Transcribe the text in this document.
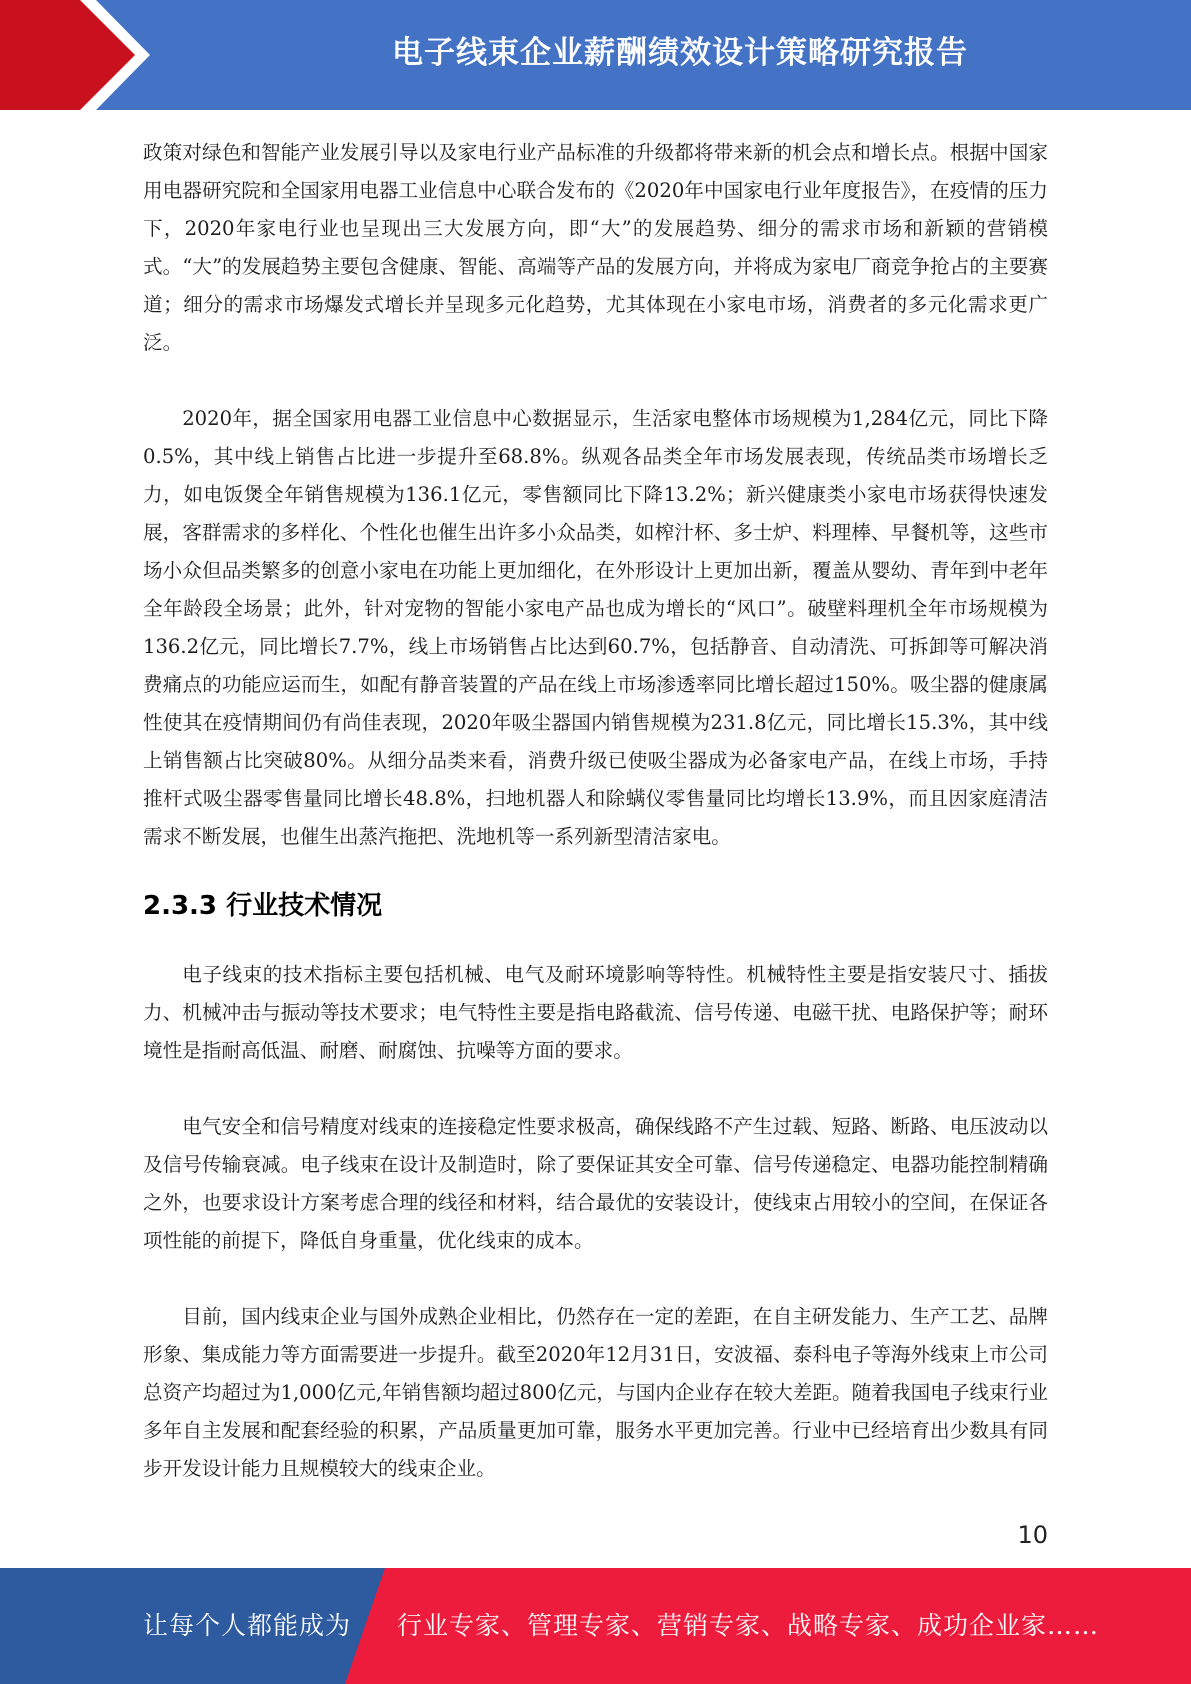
电子线束企业薪酬绩效设计策略研究报告

政策对绿色和智能产业发展引导以及家电行业产品标准的升级都将带来新的机会点和增长点。根据中国家用电器研究院和全国家用电器工业信息中心联合发布的《2020年中国家电行业年度报告》，在疫情的压力下，2020年家电行业也呈现出三大发展方向，即“大”的发展趋势、细分的需求市场和新颖的营销模式。“大”的发展趋势主要包含健康、智能、高端等产品的发展方向，并将成为家电厂商竞争抢占的主要赛道；细分的需求市场爆发式增长并呈现多元化趋势，尤其体现在小家电市场，消费者的多元化需求更广泛。

2020年，据全国家用电器工业信息中心数据显示，生活家电整体市场规模为1,284亿元，同比下降0.5%，其中线上销售占比进一步提升至68.8%。纵观各品类全年市场发展表现，传统品类市场增长乏力，如电饭煲全年销售规模为136.1亿元，零售额同比下降13.2%；新兴健康类小家电市场获得快速发展，客群需求的多样化、个性化也催生出许多小众品类，如榨汁杯、多士炉、料理棒、早餐机等，这些市场小众但品类繁多的创意小家电在功能上更加细化，在外形设计上更加出新，覆盖从婴幼、青年到中老年全年龄段全场景；此外，针对宠物的智能小家电产品也成为增长的“风口”。破壁料理机全年市场规模为136.2亿元，同比增长7.7%，线上市场销售占比达到60.7%，包括静音、自动清洗、可拆卸等可解决消费痛点的功能应运而生，如配有静音装置的产品在线上市场渗透率同比增长超过150%。吸尘器的健康属性使其在疫情期间仍有尚佳表现，2020年吸尘器国内销售规模为231.8亿元，同比增长15.3%，其中线上销售额占比突破80%。从细分品类来看，消费升级已使吸尘器成为必备家电产品，在线上市场，手持推杆式吸尘器零售量同比增长48.8%，扫地机器人和除螨仪零售量同比均增长13.9%，而且因家庭清洁需求不断发展，也催生出蒸汽拖把、洗地机等一系列新型清洁家电。

2.3.3 行业技术情况

电子线束的技术指标主要包括机械、电气及耐环境影响等特性。机械特性主要是指安装尺寸、插拔力、机械冲击与振动等技术要求；电气特性主要是指电路截流、信号传递、电磁干扰、电路保护等；耐环境性是指耐高低温、耐磨、耐腐蚀、抗噪等方面的要求。

电气安全和信号精度对线束的连接稳定性要求极高，确保线路不产生过载、短路、断路、电压波动以及信号传输衰减。电子线束在设计及制造时，除了要保证其安全可靠、信号传递稳定、电器功能控制精确之外，也要求设计方案考虑合理的线径和材料，结合最优的安装设计，使线束占用较小的空间，在保证各项性能的前提下，降低自身重量，优化线束的成本。

目前，国内线束企业与国外成熟企业相比，仍然存在一定的差距，在自主研发能力、生产工艺、品牌形象、集成能力等方面需要进一步提升。截至2020年12月31日，安波福、泰科电子等海外线束上市公司总资产均超过为1,000亿元,年销售额均超过800亿元，与国内企业存在较大差距。随着我国电子线束行业多年自主发展和配套经验的积累，产品质量更加可靠，服务水平更加完善。行业中已经培育出少数具有同步开发设计能力且规模较大的线束企业。

10
让每个人都能成为 行业专家、管理专家、营销专家、战略专家、成功企业家……
